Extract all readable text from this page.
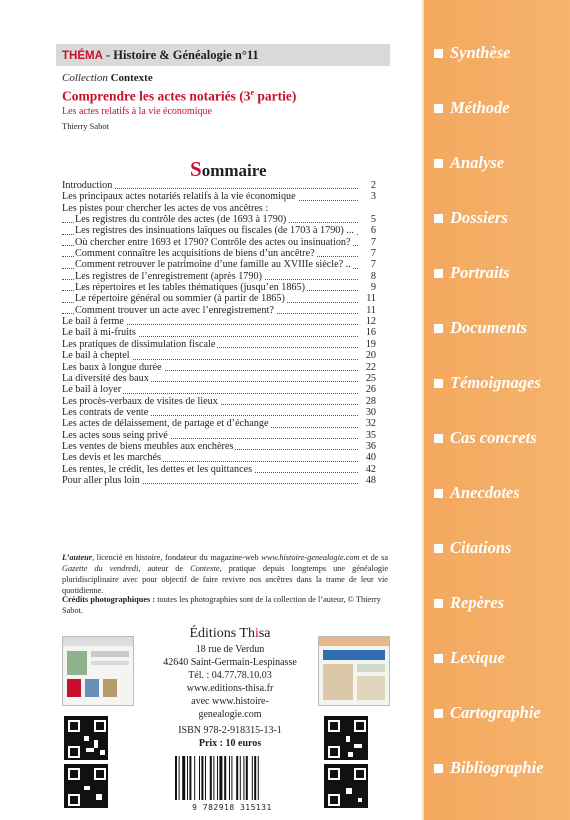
THÉMA - Histoire & Généalogie n°11
Collection Contexte
Comprendre les actes notariés (3e partie)
Les actes relatifs à la vie économique
Thierry Sabot
Sommaire
Introduction	2
Les principaux actes notariés relatifs à la vie économique	3
Les pistes pour chercher les actes de vos ancêtres :
Les registres du contrôle des actes (de 1693 à 1790)	5
Les registres des insinuations laïques ou fiscales (de 1703 à 1790) ... 6
Où chercher entre 1693 et 1790? Contrôle des actes ou insinuation? 7
Comment connaître les acquisitions de biens d’un ancêtre?	7
Comment retrouver le patrimoine d’une famille au XVIIIe siècle? .. 7
Les registres de l’enregistrement (après 1790)	8
Les répertoires et les tables thématiques (jusqu’en 1865)	9
Le répertoire général ou sommier (à partir de 1865)	11
Comment trouver un acte avec l’enregistrement?	11
Le bail à ferme	12
Le bail à mi-fruits	16
Les pratiques de dissimulation fiscale	19
Le bail à cheptel	20
Les baux à longue durée	22
La diversité des baux	25
Le bail à loyer	26
Les procès-verbaux de visites de lieux	28
Les contrats de vente	30
Les actes de délaissement, de partage et d’échange	32
Les actes sous seing privé	35
Les ventes de biens meubles aux enchères	36
Les devis et les marchés	40
Les rentes, le crédit, les dettes et les quittances	42
Pour aller plus loin	48
L’auteur, licencié en histoire, fondateur du magazine-web www.histoire-genealogie.com et de sa Gazette du vendredi, auteur de Contexte, pratique depuis longtemps une généalogie pluridisciplinaire avec pour objectif de faire revivre nos ancêtres dans la trame de leur vie quotidienne.
Crédits photographiques : toutes les photographies sont de la collection de l’auteur, © Thierry Sabot.
Éditions Thisa
18 rue de Verdun
42640 Saint-Germain-Lespinasse
Tél. : 04.77.78.10.03
www.editions-thisa.fr
avec www.histoire-genealogie.com
ISBN 978-2-918315-13-1
Prix : 10 euros
9 782918 315131
Synthèse
Méthode
Analyse
Dossiers
Portraits
Documents
Témoignages
Cas concrets
Anecdotes
Citations
Repères
Lexique
Cartographie
Bibliographie
